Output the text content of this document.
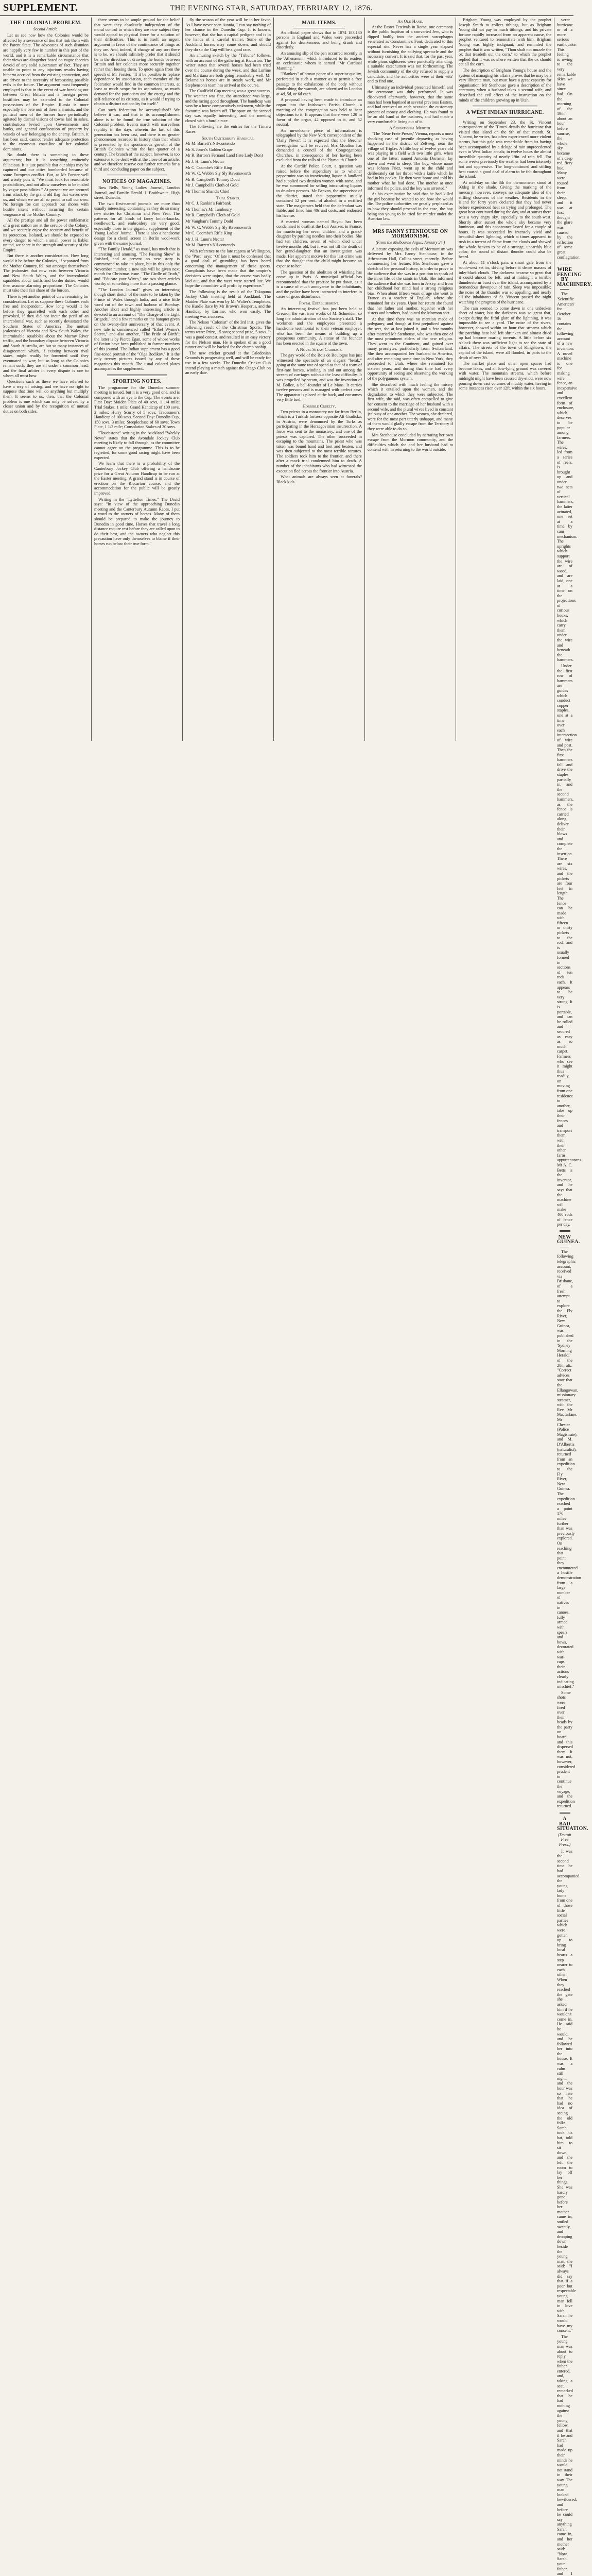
SUPPLEMENT.	THE EVENING STAR, SATURDAY, FEBRUARY 12, 1876.
THE COLONIAL PROBLEM.
Second Article.

Let us see now how the Colonies would be affected by a severance of ties that link them with the Parent State. The advocates of such disunion are happily very few in number in this part of the world, and it is a remarkable circumstance that their views are altogether based on vague theories devoid of any solid substratum of fact. They are unable to point to any injurious results having hitherto accrued from the existing connection, and are driven to the necessity of forecasting possible evils in the future. The argument most frequently employed is that in the event of war breaking out between Great Britain and a foreign power hostilities may be extended to the Colonial possessions of the Empire. Russia is more especially the bete noir of these alarmists, and the political men of the former have periodically agitated by dismal visions of towns laid in ashes, contributions levied upon Governments and banks, and general confiscation of property by vessels of war belonging to the enemy. Britain, it has been said, cannot render adequate protection to the enormous coast-line of her colonial dominions.

No doubt there is something in these arguments; but it is something eminently fallacious. It is just possible that our ships may be captured and our cities bombarded because of some European conflict. But, as Mr Forster well and wisely puts it, "We must look for reasonable probabilities, and not allow ourselves to be misled by vague possibilities." At present we are secured from attack by the grand old flag that waves over us, and which we are all so proud to call our own. No foreign foe can approach our shores with hostile intent without incurring the certain vengeance of the Mother Country.

All the prestige and all the power emblematic of a great nation are at the service of the Colony; and we securely enjoy the security and benefit of its protection. Isolated, we should be exposed to every danger to which a small power is liable; united, we share in the strength and security of the Empire.

But there is another consideration. How long would it be before the Colonies, if separated from the Mother Country, fell out amongst themselves? The jealousies that now exist between Victoria and New South Wales, and the intercolonial squabbles about tariffs and border duties, would then assume alarming proportions. The Colonies must take their fair share of the burden.

There is yet another point of view remaining for consideration. Let us suppose these Colonies each free and independent. How long would it be before they quarrelled with each other and provoked, if they did not incur the peril of an intercolonial war, such as recently devastated the Southern States of America? The mutual jealousies of Victoria and New South Wales, the interminable squabbles about the Murray River traffic, and the boundary dispute between Victoria and South Australia, are but so many instances of disagreement which, if existing between rival states, might readily be fomented until they eventuated in war; but so long as the Colonies remain such, they are all under a common head, and the final arbiter in every dispute is one to whom all must bow.

Questions such as these we have referred to have a way of arising, and we have no right to suppose that time will do anything but multiply them. It seems to us, then, that the Colonial problem is one which can only be solved by a closer union and by the recognition of mutual duties on both sides.

there seems to be ample ground for the belief that were they absolutely independent of the moral control to which they are now subject they would appeal to physical force for a solution of their difficulties. This is in itself an urgent argument in favor of the continuance of things as they are. And, indeed, if change of any sort there is to be, we should infinitely prefer that it should be in the direction of drawing the bonds between Britain and her colonies more securely together rather than loosing them. To quote again from the speech of Mr Forster, "If it be possible to replace dependence by association, each member of the federation would find in the common interests, at least as much scope for its aspirations, as much demand for the patriotism and the energy and the self-reliance of its citizens, as it would if trying to obtain a distinct nationality for itself."

Can such federation be accomplished? We believe it can, and that in its accomplishment alone is to be found the true solution of the Colonial problem. Events march with marvellous rapidity in the days wherein the last of this generation has been cast, and there is no greater phenomenon recorded in history than that which is presented by the spontaneous growth of the British Colonies within the last quarter of a century. The branch of the subject, however, is too extensive to be dealt with at the close of an article, and we therefore reserve our further remarks for a third and concluding paper on the subject.

NOTICES OF MAGAZINES.

Bow Bells, Young Ladies' Journal, London Journal, and Family Herald. J. Braithwaite, High street, Dunedin.

The two first-named journals are more than usually interesting, containing as they do so many new stories for Christmas and New Year. The patterns for all kinds of fancy knick-knacks, needlework, and embroidery are very good, especially those in the gigantic supplement of the Young Ladies' Journal. There is also a handsome design for a chenil screen in Berlin wool-work given with the same journal.

"The Family Herald," as usual, has much that is interesting and amusing. "The Passing Show" is finished, and at present no new story is commenced to take its place, but in this only the November number, a new tale will be given next month for Christmas issue. "The Girdle of Truth," and "Educate your Wives," are two short articles worthy of something more than a passing glance.

"The London Journal" gives an interesting though short sketch of the route to be taken by the Prince of Wales through India, and a nice little word cut of the town and harbour of Bombay. Another short and highly interesting article is devoted to an account of "The Charge of the Light Brigade," and a few remarks on the banquet given on the twenty-first anniversary of that event. A new tale is commenced called "Ethel Wynne's Secret," and also another, "The Pride of Birth"; the latter is by Pierce Egan, some of whose works of fiction have been published in former numbers of this journal. The Indian supplement has a good fine-toned portrait of the "Olga Bodikov." It is the only twenty pictures issued by any of these magazines this month. The usual colored plates accompanies the supplement.

SPORTING NOTES.

The programme for the Dunedin summer meeting is issued, but it is a very good one, and is composed with an eye to the Cup. The events are: First Day: Maiden Plate of 40 sovs, 1 1/4 mile; Trial Stakes, 1 mile; Grand Handicap of 100 sovs, 2 miles; Hurry Scurry of 5 sovs; Tradesmen's Handicap of 100 sovs. Second Day: Dunedin Cup, 150 sovs, 3 miles; Steeplechase of 60 sovs; Town Plate, 1 1/2 mile; Consolation Stakes of 30 sovs.

"Touchstone" writing in the Auckland "Weekly News" states that the Avondale Jockey Club meeting is likely to fall through, as the committee cannot agree on the programme. This is to be regretted, for some good racing might have been expected.

We learn that there is a probability of the Canterbury Jockey Club offering a handsome prize for a Great Autumn Handicap to be run at the Easter meeting. A grand stand is in course of erection on the Riccarton course, and the accommodation for the public will be greatly improved.

Writing in the "Lyttelton Times," The Druid says: "In view of the approaching Dunedin meeting and the Canterbury Autumn Races, I put a word to the owners of horses. Many of them should be prepared to make the journey to Dunedin in good time. Horses that travel a long distance require rest before they are called upon to do their best, and the owners who neglect this precaution have only themselves to blame if their horses run below their true form."

fly the season of the year will be in her favor. As I have never seen Atonia, I can say nothing of her chance in the Dunedin Cup. It is known, however, that she has a capital pedigree and is in the hands of a careful trainer. Some of the Auckland horses may come down, and should they do so the Cup will be a good race.

An amusing sketch by the "Tribune" follows, with an account of the gathering at Riccarton. The writer states that several horses had been tried over the course during the week, and that Lurline and Maritana are both going remarkably well. Mr Delamain's horses are in steady work, and Mr Stephenson's team has arrived at the course.

The Caulfield Cup meeting was a great success. The weather was fine, the attendance was large, and the racing good throughout. The handicap was won by a horse comparatively unknown, while the favourite was beaten off. The sport on the second day was equally interesting, and the meeting closed with a hurdle race.

The following are the entries for the Timaru Races:

South Canterbury Handicap.

Mr M. Barrett's Nil-contendo

Mr S. Jones's Golden Grape

Mr R. Barton's Fernand Land (late Lady Don)

Mr J. H. Lunn's Nectar

Mr C. Coombe's Rifle King

Mr W. C. Webb's Sly Sly Ravensworth

Mr R. Campbell's Tommy Dodd

Mr J. Campbell's Cloth of Gold

Mr Thomas Shand's Chief

Trial Stakes.

Mr C. J. Rankin's Fairbank

Mr Thomas's Mr Tamboury

Mr R. Campbell's Cloth of Gold

Mr Vaughan's Tommy Dodd

Mr W. C. Webb's Sly Sly Ravensworth

Mr C. Coombe's Rifle King

Mr J. H. Lunn's Nectar

Mr M. Barrett's Nil-contendo

With reference to the late regatta at Wellington, the "Post" says: "Of late it must be confessed that a good deal of grumbling has been heard concerning the management of these sports. Complaints have been made that the umpire's decisions were unjust, that the course was badly laid out, and that the races were started late. We hope the committee will profit by experience."

The following is the result of the Takapuna Jockey Club meeting held at Auckland. The Maiden Plate was won by Mr Walter's Templeton, the Hurdle Race by Mr Brown's Hesperus, and the Handicap by Lurline, who won easily. The meeting was a success.

The Nelson "Colonist" of the 3rd inst. gives the following result of the Christmas Sports. The terms were: Prize, 15 sovs; second prize, 5 sovs. It was a good contest, and resulted in an easy victory for the Nelson man. He is spoken of as a good runner and will be backed for the championship.

The new cricket ground at the Caledonian Grounds is progressing well, and will be ready for use in a few weeks. The Dunedin Cricket Club intend playing a match against the Otago Club on an early date.

MAIL ITEMS.

An official paper shows that in 1874 183,130 persons in England and Wales were proceeded against for drunkenness and being drunk and disorderly.

An amusing slip of the pen occurred recently in the 'Athenaeum,' which introduced to its readers an ecclesiastic whom it named "Mr Cardinal Manning."

"Blankets" of brown paper of a superior quality, perforated in such a manner as to permit a free passage to the exhalations of the body without diminishing the warmth, are advertised in London at 4d, 5d, or 6d each.

A proposal having been made to introduce an organ into the Inishowen Parish Church, a meeting of the congregation was held to hear objections to it. It appears that there were 120 in favor of the organ, 42 opposed to it, and 52 neutral.

An unwelcome piece of information is telegraphed by the New York correspondent of the 'Daily News': It is expected that the Beecher investigation will be revived. Mrs Moulton has demanded a council of the Congregational Churches, in consequence of her having been excluded from the rolls of the Plymouth Church.

At the Cardiff Police Court, a question was raised before the stipendiary as to whether peppermint was an intoxicating liquor. A landlord had supplied two drunken women with some, and he was summoned for selling intoxicating liquors to drunken persons. Mr Beavan, the supervisor of the district, stated that peppermint usually contained 52 per cent. of alcohol in a rectified state. The magistrates held that the defendant was liable, and fined him 40s and costs, and endorsed his license.

A married woman named Boyou has been condemned to death at the Loir Assizes, in France, for murdering her seven children and a grand-daughter by pushing needles into their bodies. She had ten children, seven of whom died under twelve months old, but it was not till the death of her grand-daughter that an investigation was made. Her apparent motive for this last crime was that she thought that the child might become an expense to her.

The question of the abolition of whistling has come up in Paris. A municipal official has recommended that the practice be put down, as it is a cause of much annoyance to the inhabitants, and the police have been instructed to interfere in cases of gross disturbance.

Postal Establishment.

An interesting festival has just been held at Creusot, the vast iron works of M. Schneider, so long the administration of our Society's staff. The workmen and the employees presented a handsome testimonial to their veteran employer, who has been the means of building up a prosperous community. A statue of the founder has been erected in the square of the town.

A Novel Steam Carriage.

The gay world of the Bois de Boulogne has just witnessed the spectacle of an elegant "break," going at the same rate of speed as that of a team of first-rate horses, winding in and out among the stream of carriages without the least difficulty. It was propelled by steam, and was the invention of M. Bollee, a bell-founder of Le Mans. It carries twelve persons and is managed with perfect ease. The apparatus is placed at the back, and consumes very little fuel.

Horrible Cruelty.

Two priests in a monastery not far from Berlin, which is a Turkish fortress opposite Alt Gradiska, in Austria, were denounced by the Turks as participating in the Herzegovinian insurrection. A force was sent to the monastery, and one of the priests was captured. The other succeeded in escaping to the mountains. The priest who was taken was bound hand and foot and beaten, and was then subjected to the most terrible tortures. The soldiers took him to the frontier, and there after a mock trial condemned him to death. A number of the inhabitants who had witnessed the execution fled across the frontier into Austria.

What animals are always seen at funerals? Black kids.

An Old Hand.

At the Easter Festivals in Rome, one ceremony is the public baptism of a converted Jew, who is dipped bodily into the ancient sarcophagus venerated as Constantine's Font, dedicated to this especial rite. Never has a single year elapsed without furnishing the edifying spectacle and the necessary convert. It is said that, for the past year, while pious sightseers were punctually attending, a suitable catechumen was not forthcoming. The Jewish community of the city refused to supply a candidate, and the authorities were at their wits' end to find one.

Ultimately an individual presented himself, and the ceremony was duly performed. It was discovered afterwards, however, that the same man had been baptised at several previous Easters, and had received on each occasion the customary present of money and clothing. He was found to be an old hand at the business, and had made a very comfortable living out of it.

A Sensational Murder.

"The 'Neue Freie Presse,' Vienna, reports a most shocking case of juvenile depravity, as having happened in the district of Zeltweg, near the village of Triglav. A little boy of twelve years old was playing in a field with two little girls, when one of the latter, named Antonia Dornster, lay down and went to sleep. The boy, whose name was Johann Friez, went up to the child and deliberately cut her throat with a knife which he had in his pocket. He then went home and told his mother what he had done. The mother at once informed the police, and the boy was arrested."

At his examination he said that he had killed the girl because he wanted to see how she would die. The police authorities are greatly perplexed as to how they should proceed in the case, the boy being too young to be tried for murder under the Austrian law.

MRS FANNY STENHOUSE ON MORMONISM.
(From the Melbourne Argus, January 24.)

A lecture exposing the evils of Mormonism was delivered by Mrs Fanny Stenhouse, in the Athenaeum Hall, Collins street, recently. Before commencing her lecture, Mrs Stenhouse gave a sketch of her personal history, in order to prove to the audience that she was in a position to speak of the inner life of the saints in Utah. She informed the audience that she was born in Jersey, and from her childhood her mind had a strong religious bias. When about fifteen years of age she went to France as a teacher of English, where she remained for six years. Upon her return she found that her father and mother, together with her sisters and brothers, had joined the Mormon sect.

At that time there was no mention made of polygamy, and though at first prejudiced against the sect, she at last joined it, and a few months after married Mr Stenhouse, who was then one of the most prominent elders of the new religion. They went to the Continent, and gained over many proselytes, particularly from Switzerland. She then accompanied her husband to America, and after remaining some time in New York, they proceeded to Utah, where she remained for sixteen years, and during that time had every opportunity of seeing and observing the working of the polygamous system.

She described with much feeling the misery which it entailed upon the women, and the degradation to which they were subjected. The first wife, she said, was often compelled to give her consent to the marriage of her husband with a second wife, and the plural wives lived in constant jealousy of one another. The women, she declared, were for the most part utterly unhappy, and many of them would gladly escape from the Territory if they were able to do so.

Mrs Stenhouse concluded by narrating her own escape from the Mormon community, and the difficulties which she and her husband had to contend with in returning to the world outside.

Brigham Young was employed by the prophet Joseph Smith to collect tithings, but as Brigham Young did not pay in much tithings, and his private fortune rapidly increased from no apparent cause, the prophet ventured to remonstrate with him. Brigham Young was highly indignant, and reminded the prophet that it was written, "Thou shalt not muzzle the ox that treadeth out the corn," to which the prophet replied that it was nowhere written that the ox should eat all the corn.

The description of Brigham Young's house and the system of managing his affairs proves that he may be a very illiterate man, but must have a great capacity for organisation. Mr Stenhouse gave a description of the ceremony when a husband takes a second wife, and described the evil effect of the instruction on the minds of the children growing up in Utah.

A WEST INDIAN HURRICANE.

Writing on September 23, the St. Vincent correspondent of the 'Times' details the hurricane that visited that island on the 9th of that month. St. Vincent, he writes, has often experienced more violent storms, but this gale was remarkable from its having been accompanied by a deluge of rain unprecedented even in West Indian annals; in twelve hours the almost incredible quantity of nearly 19in. of rain fell. For some weeks previously the weather had been intensely hot and oppressive. The long-continued and stifling heat caused a good deal of alarm to be felt throughout the island.

At mid-day on the 8th the thermometer stood at 93deg in the shade. Giving the marking of the mercury, however, conveys no adequate idea of the stifling closeness of the weather. Residents in the island for forty years declared that they had never before experienced heat so trying and prolonged. The great heat continued during the day, and at sunset there was a very angry sky, especially to the south-west. Shortly after sunset the whole sky became very luminous, and this appearance lasted for a couple of hours. It was succeeded by intensely vivid and beautiful sheet lightning, which at times appeared to rush in a torrent of flame from the clouds and showed the whole heaven to be of a strange, unearthly blue color; the sound of distant thunder could also be heard.

At about 11 o'clock p.m. a smart gale from the south-west set in, driving before it dense masses of inky-black clouds. The darkness became so great that it could almost be felt, and at midnight a terrible thunderstorm burst over the island, accompanied by a tremendous downpour of rain. Sleep was impossible; the noise of the thunder was so appalling, and nearly all the inhabitants of St. Vincent passed the night watching the progress of the hurricane.

The rain seemed to come down in one unbroken sheet of water, but the darkness was so great that, except during the fitful glare of the lightning, it was impossible to see a yard. The noise of the rivers, however, showed within an hour that streams which the parching heat had left shrunken and almost dried up had become roaring torrents. A little before six o'clock there was sufficient light to see the state of affairs. The streets of the town of Kingstown, the capital of the island, were all flooded, in parts to the depth of over 3ft.

The market place and other open spaces had become lakes, and all low-lying ground was covered with water. The mountain streams, which before midnight might have been crossed dry-shod, were now pouring down vast volumes of muddy water, having in some instances risen over 12ft. within the six hours.

verer hurricane or of a more serious earthquake. This feeling is owing to the very remarkable skies we have since had. On the morning of the 19th, about an hour before sunrise, the whole sky became of a deep red, fiery hue. Many were roused from their sleep, and it was at first thought the glare was caused by the reflection of some great conflagration.

WIRE FENCING BY MACHINERY.

The 'Scientific American' for October 16 contains the following account of a new invention: A novel machine is one for making wire fence, an inexpensive and excellent form of enclosure, which deserves to be popular among farmers. The wires, led from a series of reels, is brought up and under two sets of vertical hammers, the latter actuated, one set at a time, by cam mechanism. The uprights which support the wire are of wood, and are laid, one at a time, on the projections of curious hooks, which carry them under the wire and beneath the hammers.

Under the first row of hammers are guides which conduct copper staples, one at a time, over each intersection of wire and post. Then the first hammers fall and drive the staples partially in, and the second hammers, as the fence is carried along, deliver their blows and complete the insertion. There are six wires, and the pickets are four feet in length. The fence can be made with fifteen or thirty pickets to the rod, and is usually formed in sections of ten rods each. It appears to be very strong. It is portable, and can be rolled and secured as easy as so much carpet. Farmers who see it might thus readily, on moving from one residence to another, take up their fences and transport them with their other farm appurtenances. Mr A. C. Betts is the inventor, and he says that the machine will make 400 rods of fence per day.

NEW GUINEA.

The following telegraphic account, received via Brisbane, of a fresh attempt to explore the Fly River, New Guinea, was published in the 'Sydney Morning Herald,' of the 28th ult.: "Correct advices state that the Ellangowan, missionary steamer, with the Rev. Mr Macfarlane, Mr Chester (Police Magistrate), and M. D'Albertis (naturalist), returned from an expedition to the Fly River, New Guinea. The expedition reached a point 170 miles further than was previously explored. On reaching that point they encountered a hostile demonstration from a large number of natives in canoes, fully armed with spears and bows, decorated with war-caps, their actions clearly indicating mischief."

Some shots were fired over their heads by the party on board, and this dispersed them. It was not, however, considered prudent to continue the voyage, and the expedition returned.

A BAD SITUATION.
(Detroit Free Press.)

It was the second time he had accompanied the young lady home from one of those little social parties which were gotten up to bring local hearts a step nearer to each other. When they reached the gate she asked him if he wouldn't come in. He said he would, and he followed her into the house. It was a calm still night, and the hour was so late that he had no idea of seeing the old folks. Sarah took his hat, told him to sit down, and she left the room to lay off her things. She was hardly gone before her mother came in, smiled sweetly, and drooping down beside the young man, she said: "I always did say that if a poor but respectable young man fell in love with Sarah he would have my consent."

The young man was about to reply when the father entered, and, taking a seat, remarked that he had nothing against the young fellow, and that if he and Sarah had made up their minds he would not stand in their way. The young man looked bewildered, and before he could say anything Sarah came in, and her mother said: "Now, Sarah, your father and I
